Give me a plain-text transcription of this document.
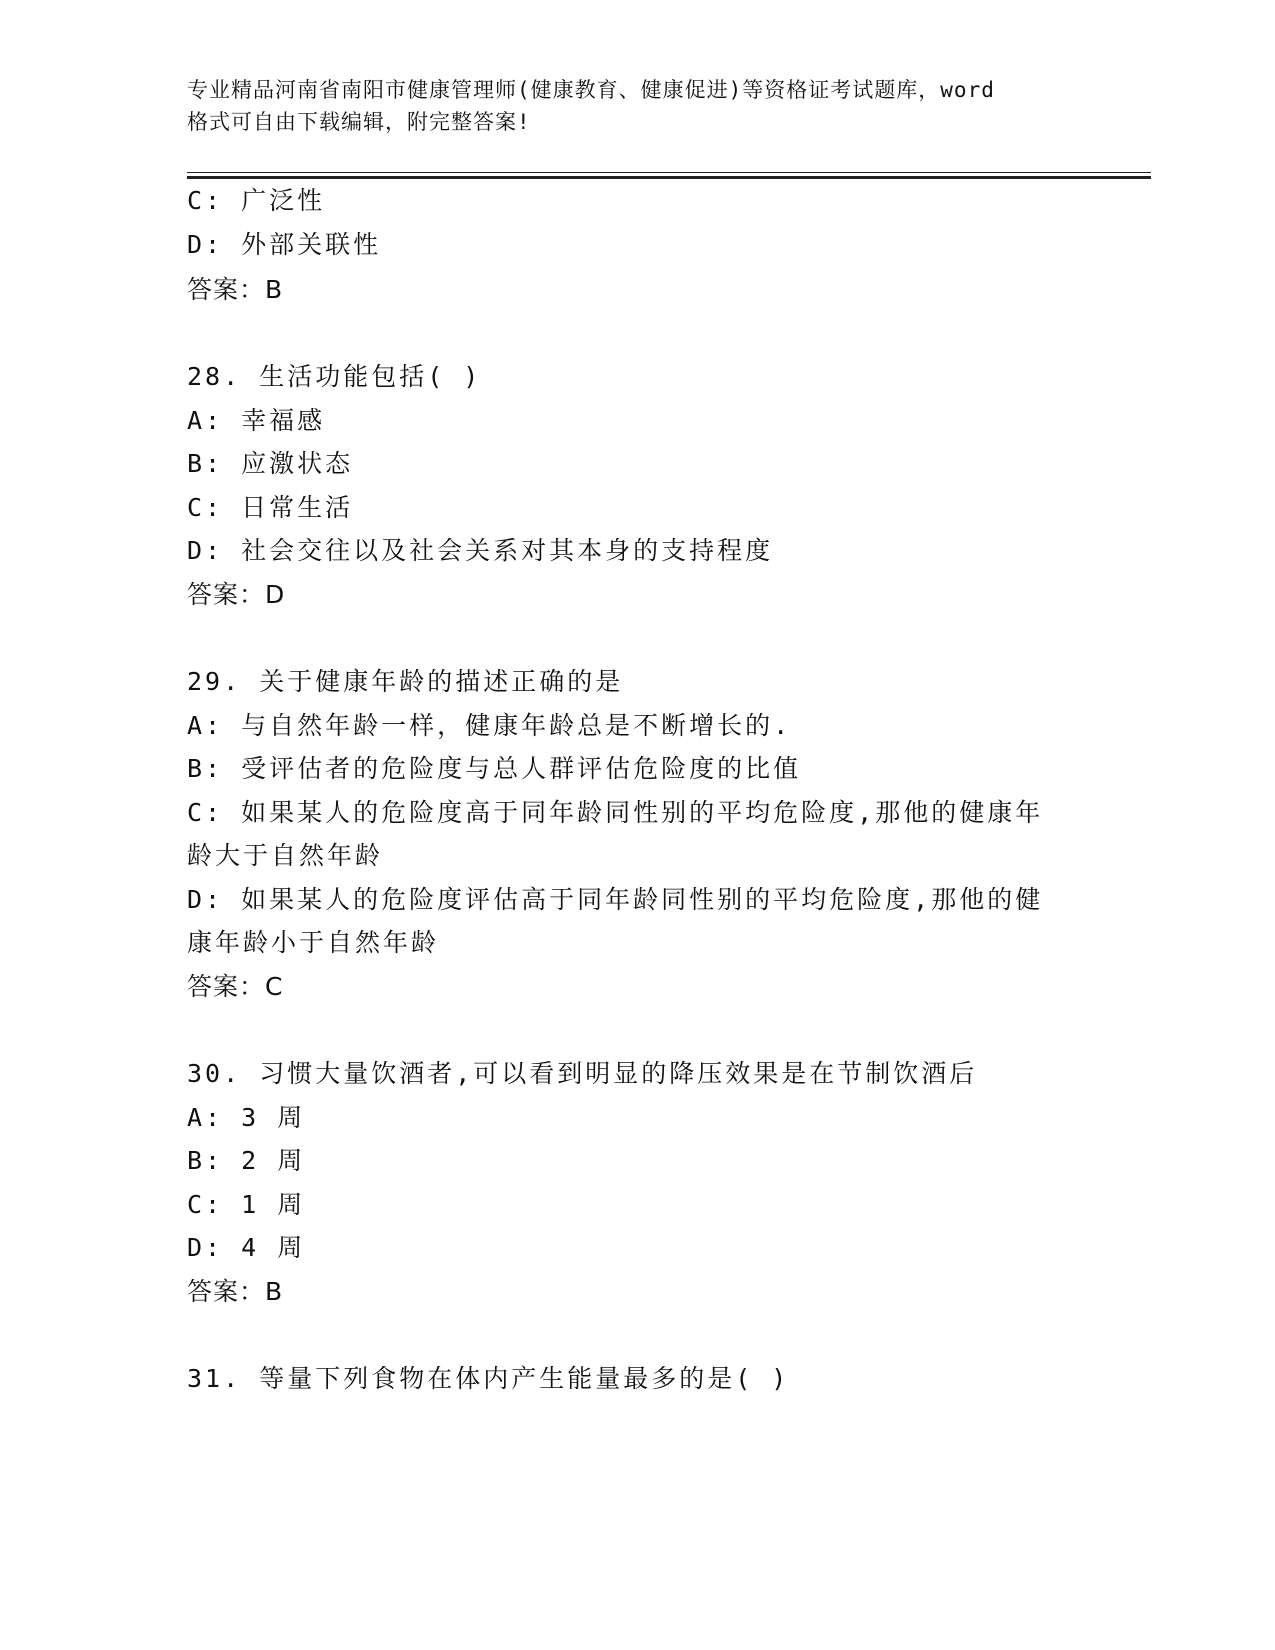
专业精品河南省南阳市健康管理师(健康教育、健康促进)等资格证考试题库，word
格式可自由下载编辑，附完整答案!
C: 广泛性
D: 外部关联性
答案：B
28. 生活功能包括( )
A: 幸福感
B: 应激状态
C: 日常生活
D: 社会交往以及社会关系对其本身的支持程度
答案：D
29. 关于健康年龄的描述正确的是
A: 与自然年龄一样，健康年龄总是不断增长的.
B: 受评估者的危险度与总人群评估危险度的比值
C: 如果某人的危险度高于同年龄同性别的平均危险度,那他的健康年
龄大于自然年龄
D: 如果某人的危险度评估高于同年龄同性别的平均危险度,那他的健
康年龄小于自然年龄
答案：C
30. 习惯大量饮酒者,可以看到明显的降压效果是在节制饮酒后
A: 3 周
B: 2 周
C: 1 周
D: 4 周
答案：B
31. 等量下列食物在体内产生能量最多的是( )
